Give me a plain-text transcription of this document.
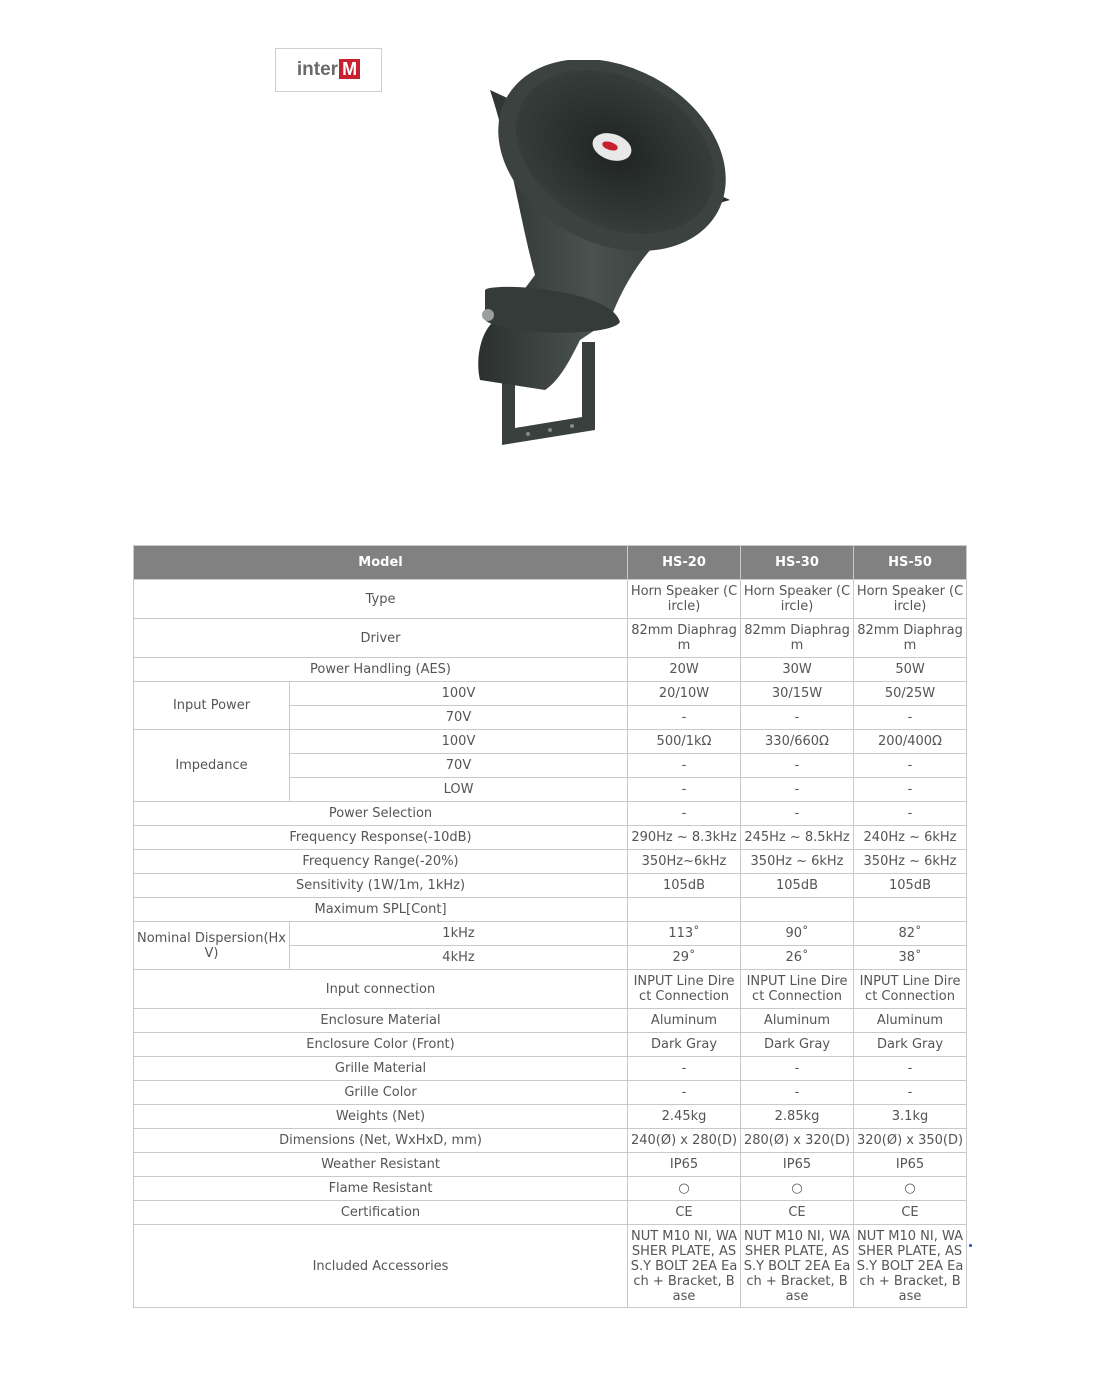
inter M
Model		HS-20	HS-30	HS-50
Type		Horn Speaker (Circle)	Horn Speaker (Circle)	Horn Speaker (Circle)
Driver		82mm Diaphragm	82mm Diaphragm	82mm Diaphragm
Power Handling (AES)		20W	30W	50W
Input Power	100V	20/10W	30/15W	50/25W
	70V	-	-	-
Impedance	100V	500/1kΩ	330/660Ω	200/400Ω
	70V	-	-	-
	LOW	-	-	-
Power Selection		-	-	-
Frequency Response(-10dB)		290Hz ~ 8.3kHz	245Hz ~ 8.5kHz	240Hz ~ 6kHz
Frequency Range(-20%)		350Hz~6kHz	350Hz ~ 6kHz	350Hz ~ 6kHz
Sensitivity (1W/1m, 1kHz)		105dB	105dB	105dB
Maximum SPL[Cont]				
Nominal Dispersion(HxV)	1kHz	113˚	90˚	82˚
	4kHz	29˚	26˚	38˚
Input connection		INPUT Line Direct Connection	INPUT Line Direct Connection	INPUT Line Direct Connection
Enclosure Material		Aluminum	Aluminum	Aluminum
Enclosure Color (Front)		Dark Gray	Dark Gray	Dark Gray
Grille Material		-	-	-
Grille Color		-	-	-
Weights (Net)		2.45kg	2.85kg	3.1kg
Dimensions (Net, WxHxD, mm)		240(Ø) x 280(D)	280(Ø) x 320(D)	320(Ø) x 350(D)
Weather Resistant		IP65	IP65	IP65
Flame Resistant		○	○	○
Certification		CE	CE	CE
Included Accessories		NUT M10 NI, WASHER PLATE, ASS.Y BOLT 2EA Each + Bracket, Base	NUT M10 NI, WASHER PLATE, ASS.Y BOLT 2EA Each + Bracket, Base	NUT M10 NI, WASHER PLATE, ASS.Y BOLT 2EA Each + Bracket, Base
